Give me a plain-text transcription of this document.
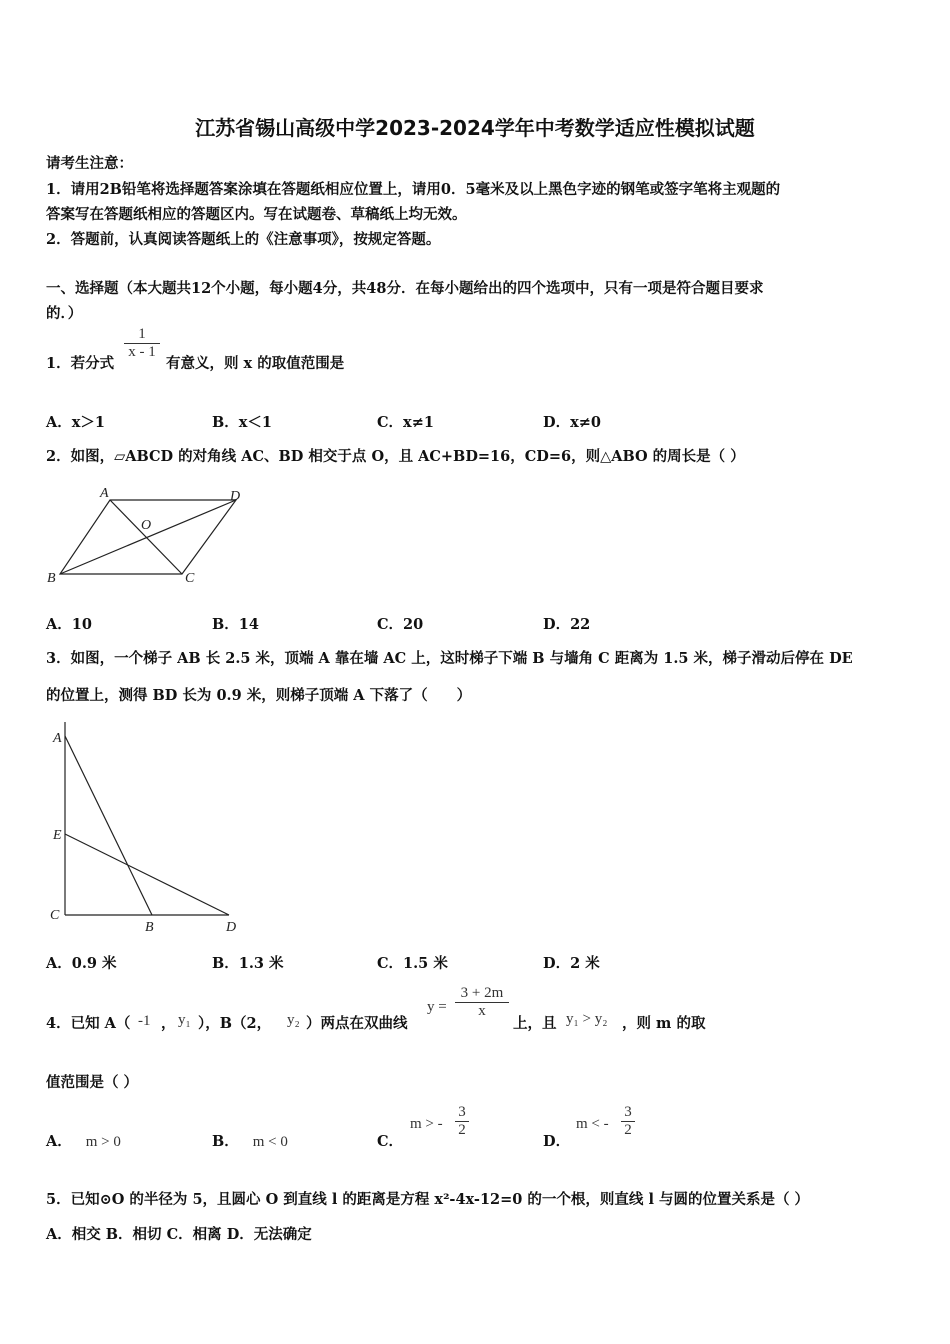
江苏省锡山高级中学2023-2024学年中考数学适应性模拟试题
请考生注意：
1．请用2B铅笔将选择题答案涂填在答题纸相应位置上，请用0．5毫米及以上黑色字迹的钢笔或签字笔将主观题的
答案写在答题纸相应的答题区内。写在试题卷、草稿纸上均无效。
2．答题前，认真阅读答题纸上的《注意事项》，按规定答题。
一、选择题（本大题共12个小题，每小题4分，共48分．在每小题给出的四个选项中，只有一项是符合题目要求
的．）
1．若分式
$\frac{1}{x - 1}$
有意义，则 x 的取值范围是
A．x＞1	B．x＜1	C．x≠1	D．x≠0
2．如图，▱ABCD 的对角线 AC、BD 相交于点 O，且 AC+BD=16，CD=6，则△ABO 的周长是（ ）
A	D
O
B	C
A．10	B．14	C．20	D．22
3．如图，一个梯子 AB 长 2.5 米，顶端 A 靠在墙 AC 上，这时梯子下端 B 与墙角 C 距离为 1.5 米，梯子滑动后停在 DE
的位置上，测得 BD 长为 0.9 米，则梯子顶端 A 下落了（　　）
A
E
C
B	D
A．0.9 米	B．1.3 米	C．1.5 米	D．2 米
4．已知 A（ -1 ， y₁ ），B（2， y₂ ）两点在双曲线
$y = \frac{3 + 2m}{x}$
上，且 y₁ > y₂ ，则 m 的取
值范围是（ ）
A． m > 0	B． m < 0	C．
m > - $\frac{3}{2}$
D．
m < - $\frac{3}{2}$
5．已知⊙O 的半径为 5，且圆心 O 到直线 l 的距离是方程 x²-4x-12=0 的一个根，则直线 l 与圆的位置关系是（ ）
A．相交 B．相切 C．相离 D．无法确定
